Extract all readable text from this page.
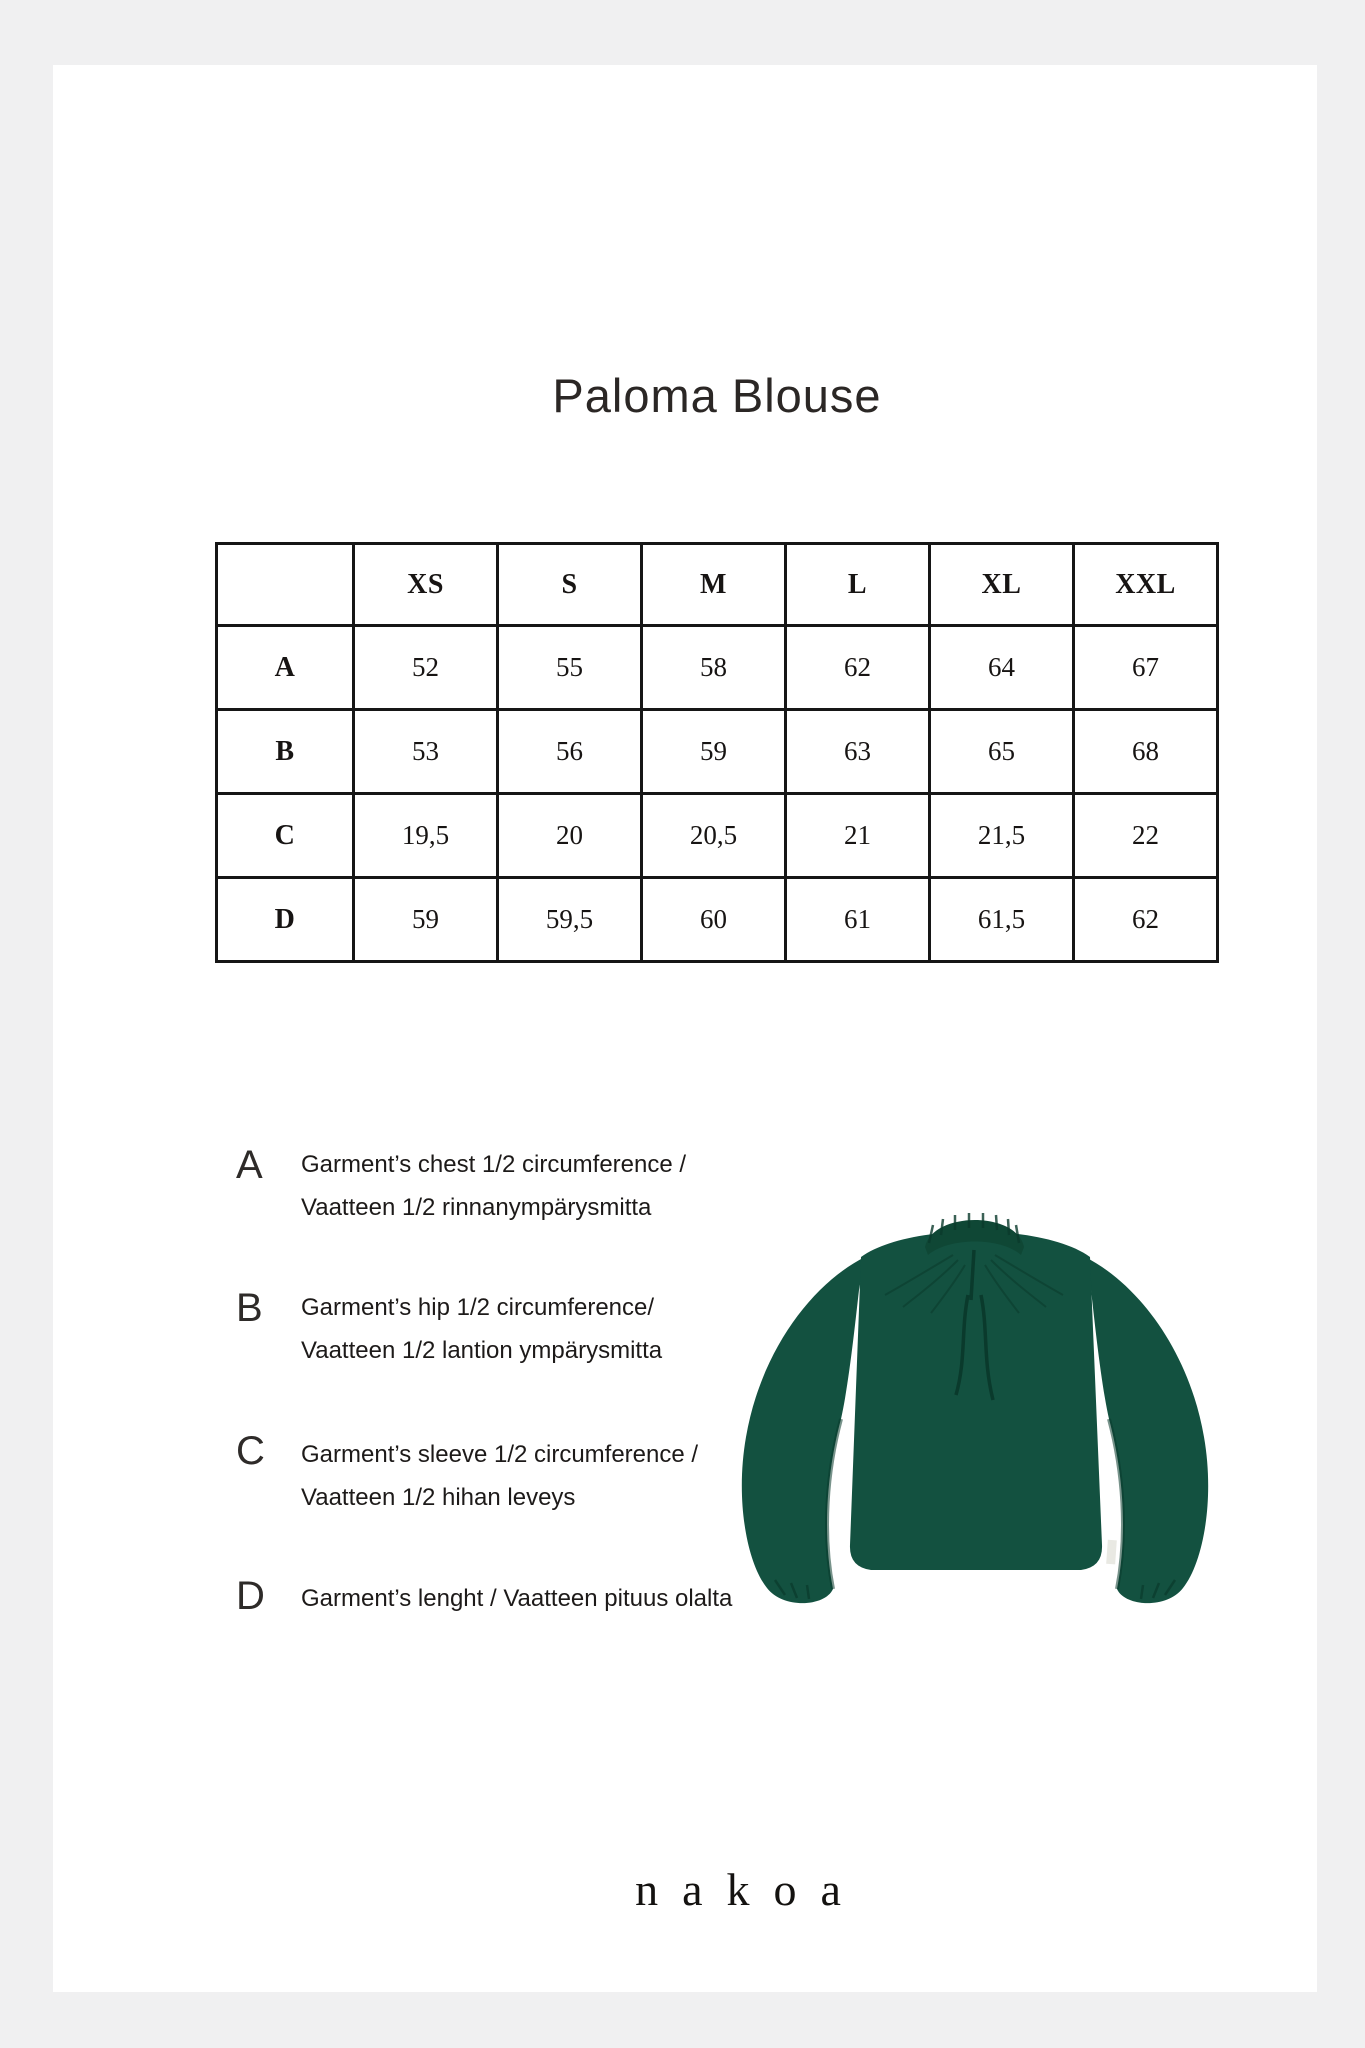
Paloma Blouse
	XS	S	M	L	XL	XXL
A	52	55	58	62	64	67
B	53	56	59	63	65	68
C	19,5	20	20,5	21	21,5	22
D	59	59,5	60	61	61,5	62
A Garment’s chest 1/2 circumference /
Vaatteen 1/2 rinnanympärysmitta
B Garment’s hip 1/2 circumference/
Vaatteen 1/2 lantion ympärysmitta
C Garment’s sleeve 1/2 circumference /
Vaatteen 1/2 hihan leveys
D Garment’s lenght / Vaatteen pituus olalta
nakoa
